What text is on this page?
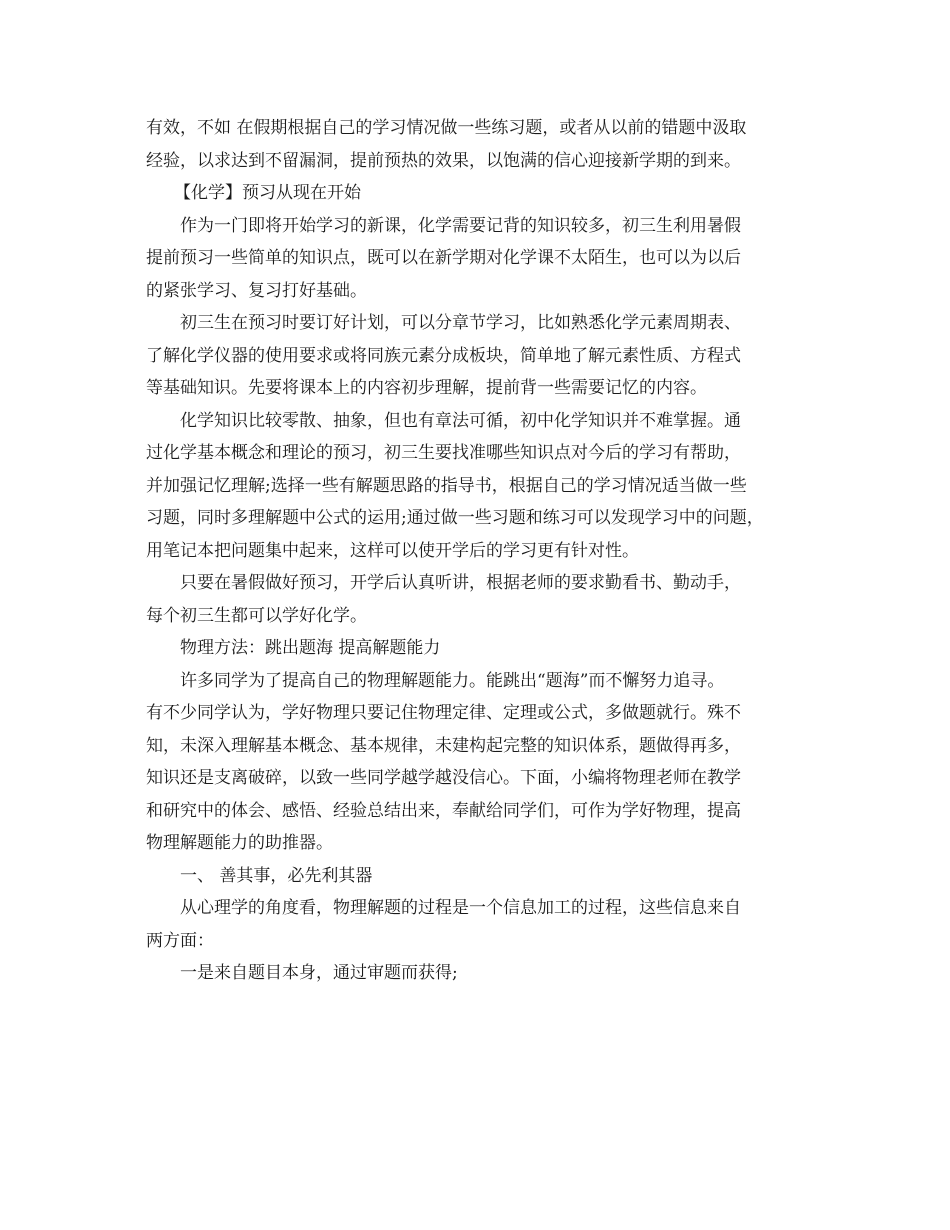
有效，不如 在假期根据自己的学习情况做一些练习题，或者从以前的错题中汲取
经验，以求达到不留漏洞，提前预热的效果，以饱满的信心迎接新学期的到来。
【化学】预习从现在开始
作为一门即将开始学习的新课，化学需要记背的知识较多，初三生利用暑假
提前预习一些简单的知识点，既可以在新学期对化学课不太陌生，也可以为以后
的紧张学习、复习打好基础。
初三生在预习时要订好计划，可以分章节学习，比如熟悉化学元素周期表、
了解化学仪器的使用要求或将同族元素分成板块，简单地了解元素性质、方程式
等基础知识。先要将课本上的内容初步理解，提前背一些需要记忆的内容。
化学知识比较零散、抽象，但也有章法可循，初中化学知识并不难掌握。通
过化学基本概念和理论的预习，初三生要找准哪些知识点对今后的学习有帮助，
并加强记忆理解;选择一些有解题思路的指导书，根据自己的学习情况适当做一些
习题，同时多理解题中公式的运用;通过做一些习题和练习可以发现学习中的问题，
用笔记本把问题集中起来，这样可以使开学后的学习更有针对性。
只要在暑假做好预习，开学后认真听讲，根据老师的要求勤看书、勤动手，
每个初三生都可以学好化学。
物理方法：跳出题海 提高解题能力
许多同学为了提高自己的物理解题能力。能跳出“题海”而不懈努力追寻。
有不少同学认为，学好物理只要记住物理定律、定理或公式，多做题就行。殊不
知，未深入理解基本概念、基本规律，未建构起完整的知识体系，题做得再多，
知识还是支离破碎，以致一些同学越学越没信心。下面，小编将物理老师在教学
和研究中的体会、感悟、经验总结出来，奉献给同学们，可作为学好物理，提高
物理解题能力的助推器。
一、 善其事，必先利其器
从心理学的角度看，物理解题的过程是一个信息加工的过程，这些信息来自
两方面：
一是来自题目本身，通过审题而获得;
